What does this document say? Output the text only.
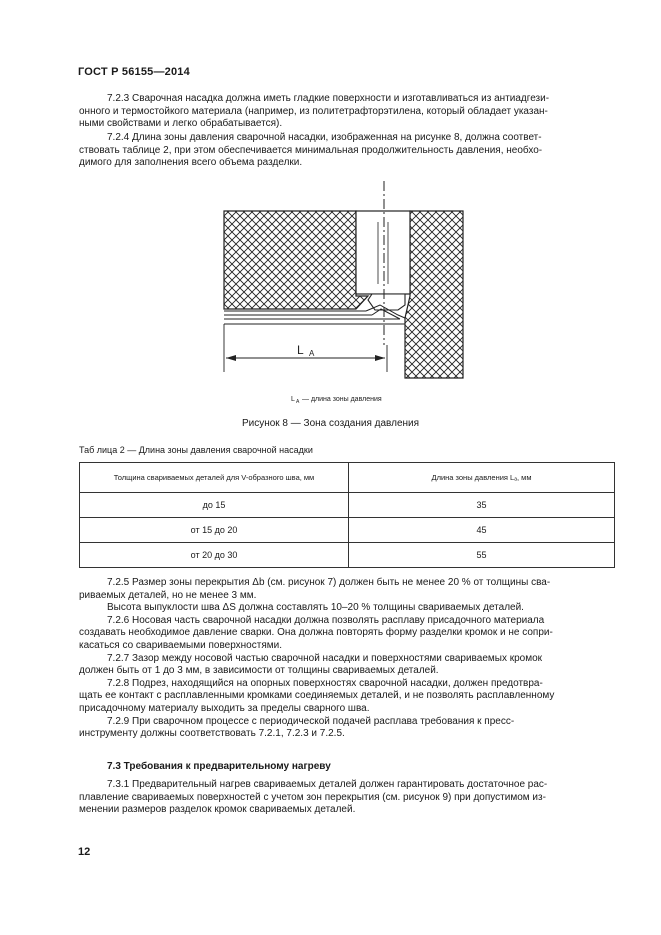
ГОСТ Р 56155—2014

7.2.3 Сварочная насадка должна иметь гладкие поверхности и изготавливаться из антиадгези-

онного и термостойкого материала (например, из политетрафторэтилена, который обладает указан-

ными свойствами и легко обрабатывается).

7.2.4 Длина зоны давления сварочной насадки, изображенная на рисунке 8, должна соответ-

ствовать таблице 2, при этом обеспечивается минимальная продолжительность давления, необхо-

димого для заполнения всего объема разделки.

L A
L A — длина зоны давления
Рисунок 8 — Зона создания давления
Таб лица 2 — Длина зоны давления сварочной насадки
Толщина свариваемых деталей для V-образного шва, мм	Длина зоны давления Lₐ, мм
до 15	35
от 15 до 20	45
от 20 до 30	55

7.2.5 Размер зоны перекрытия Δb (см. рисунок 7) должен быть не менее 20 % от толщины сва-

риваемых деталей, но не менее 3 мм.

Высота выпуклости шва ΔS должна составлять 10–20 % толщины свариваемых деталей.

7.2.6 Носовая часть сварочной насадки должна позволять расплаву присадочного материала

создавать необходимое давление сварки. Она должна повторять форму разделки кромок и не сопри-

касаться со свариваемыми поверхностями.

7.2.7 Зазор между носовой частью сварочной насадки и поверхностями свариваемых кромок

должен быть от 1 до 3 мм, в зависимости от толщины свариваемых деталей.

7.2.8 Подрез, находящийся на опорных поверхностях сварочной насадки, должен предотвра-

щать ее контакт с расплавленными кромками соединяемых деталей, и не позволять расплавленному

присадочному материалу выходить за пределы сварного шва.

7.2.9 При сварочном процессе с периодической подачей расплава требования к пресс-

инструменту должны соответствовать 7.2.1, 7.2.3 и 7.2.5.

7.3 Требования к предварительному нагреву

7.3.1 Предварительный нагрев свариваемых деталей должен гарантировать достаточное рас-

плавление свариваемых поверхностей с учетом зон перекрытия (см. рисунок 9) при допустимом из-

менении размеров разделок кромок свариваемых деталей.

12
